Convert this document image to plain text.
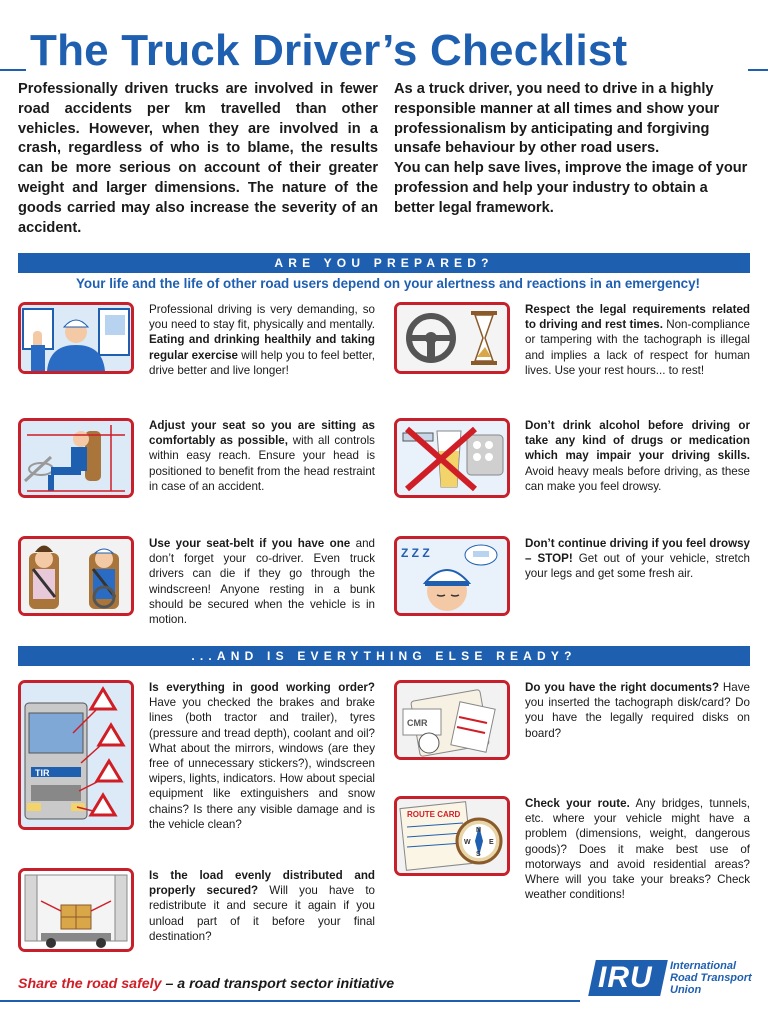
The Truck Driver’s Checklist

Professionally driven trucks are involved in fewer road accidents per km travelled than other vehicles. However, when they are involved in a crash, regardless of who is to blame, the results can be more serious on account of their greater weight and larger dimensions. The nature of the goods carried may also increase the severity of an accident.

As a truck driver, you need to drive in a highly responsible manner at all times and show your professionalism by anticipating and forgiving unsafe behaviour by other road users.

You can help save lives, improve the image of your profession and help your industry to obtain a better legal framework.

ARE YOU PREPARED?
Your life and the life of other road users depend on your alertness and reactions in an emergency!

Professional driving is very demanding, so you need to stay fit, physically and mentally. Eating and drinking healthily and taking regular exercise will help you to feel better, drive better and live longer!

Respect the legal requirements related to driving and rest times. Non-compliance or tampering with the tachograph is illegal and implies a lack of respect for human lives. Use your rest hours... to rest!

Adjust your seat so you are sitting as comfortably as possible, with all controls within easy reach. Ensure your head is positioned to benefit from the head restraint in case of an accident.

Don’t drink alcohol before driving or take any kind of drugs or medication which may impair your driving skills. Avoid heavy meals before driving, as these can make you feel drowsy.

Use your seat-belt if you have one and don’t forget your co-driver. Even truck drivers can die if they go through the windscreen! Anyone resting in a bunk should be secured when the vehicle is in motion.

Z Z Z

Don’t continue driving if you feel drowsy – STOP! Get out of your vehicle, stretch your legs and get some fresh air.

...AND IS EVERYTHING ELSE READY?
TIR

Is everything in good working order? Have you checked the brakes and brake lines (both tractor and trailer), tyres (pressure and tread depth), coolant and oil? What about the mirrors, windows (are they free of unnecessary stickers?), windscreen wipers, lights, indicators. How about special equipment like extinguishers and snow chains? Is there any visible damage and is the vehicle clean?

CMR

Do you have the right documents? Have you inserted the tachograph disk/card? Do you have the legally required disks on board?

ROUTE CARD
N
E
S
W

Check your route. Any bridges, tunnels, etc. where your vehicle might have a problem (dimensions, weight, dangerous goods)? Does it make best use of motorways and avoid residential areas? Where will you take your breaks? Check weather conditions!

Is the load evenly distributed and properly secured? Will you have to redistribute it and secure it again if you unload part of it before your final destination?

Share the road safely – a road transport sector initiative	IRU International
Road Transport
Union
